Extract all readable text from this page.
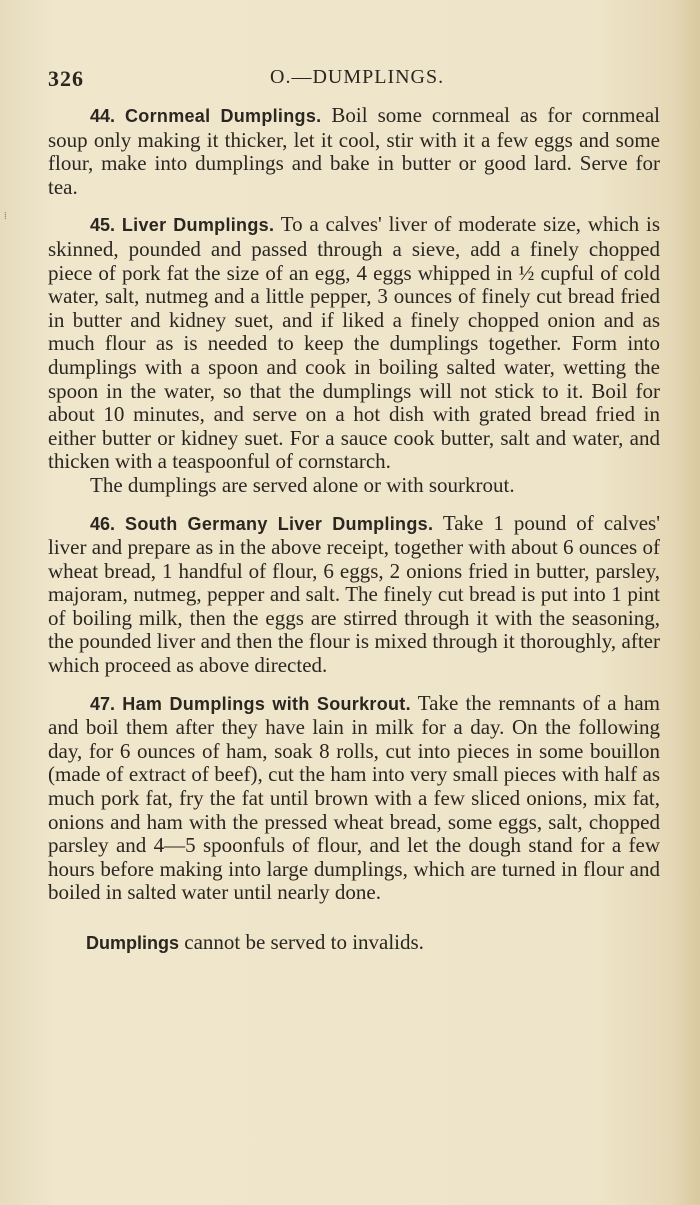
⁞
326	O.—DUMPLINGS.

44. Cornmeal Dumplings. Boil some cornmeal as for cornmeal soup only making it thicker, let it cool, stir with it a few eggs and some flour, make into dumplings and bake in butter or good lard. Serve for tea.

45. Liver Dumplings. To a calves' liver of moderate size, which is skinned, pounded and passed through a sieve, add a finely chopped piece of pork fat the size of an egg, 4 eggs whipped in ½ cupful of cold water, salt, nutmeg and a little pepper, 3 ounces of finely cut bread fried in butter and kidney suet, and if liked a finely chopped onion and as much flour as is needed to keep the dumplings together. Form into dumplings with a spoon and cook in boiling salted water, wetting the spoon in the water, so that the dumplings will not stick to it. Boil for about 10 minutes, and serve on a hot dish with grated bread fried in either butter or kidney suet. For a sauce cook butter, salt and water, and thicken with a teaspoonful of cornstarch.

The dumplings are served alone or with sourkrout.

46. South Germany Liver Dumplings. Take 1 pound of calves' liver and prepare as in the above receipt, together with about 6 ounces of wheat bread, 1 handful of flour, 6 eggs, 2 onions fried in butter, parsley, majoram, nutmeg, pepper and salt. The finely cut bread is put into 1 pint of boiling milk, then the eggs are stirred through it with the seasoning, the pounded liver and then the flour is mixed through it thoroughly, after which proceed as above directed.

47. Ham Dumplings with Sourkrout. Take the remnants of a ham and boil them after they have lain in milk for a day. On the following day, for 6 ounces of ham, soak 8 rolls, cut into pieces in some bouillon (made of extract of beef), cut the ham into very small pieces with half as much pork fat, fry the fat until brown with a few sliced onions, mix fat, onions and ham with the pressed wheat bread, some eggs, salt, chopped parsley and 4—5 spoonfuls of flour, and let the dough stand for a few hours before making into large dumplings, which are turned in flour and boiled in salted water until nearly done.

Dumplings cannot be served to invalids.
